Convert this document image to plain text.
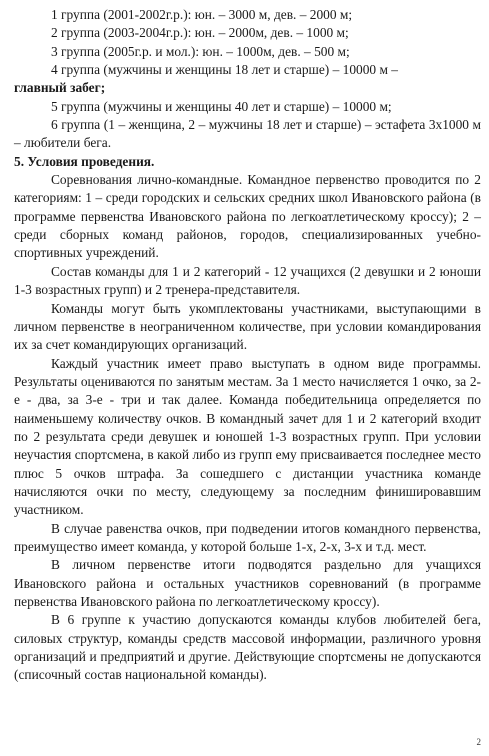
1 группа (2001-2002г.р.): юн. – 3000 м, дев. – 2000 м;

2 группа (2003-2004г.р.): юн. – 2000м, дев. – 1000 м;

3 группа (2005г.р. и мол.): юн. – 1000м, дев. – 500 м;

4 группа (мужчины и женщины 18 лет и старше) – 10000 м –

главный забег;

5 группа (мужчины и женщины 40 лет и старше) – 10000 м;

6 группа (1 – женщина, 2 – мужчины 18 лет и старше) – эстафета 3х1000 м – любители бега.

5. Условия проведения.

Соревнования лично-командные. Командное первенство проводится по 2 категориям: 1 – среди городских и сельских средних школ Ивановского района (в программе первенства Ивановского района по легкоатлетическому кроссу); 2 – среди сборных команд районов, городов, специализированных учебно-спортивных учреждений.

Состав команды для 1 и 2 категорий - 12 учащихся (2 девушки и 2 юноши 1-3 возрастных групп) и 2 тренера-представителя.

Команды могут быть укомплектованы участниками, выступающими в личном первенстве в неограниченном количестве, при условии командирования их за счет командирующих организаций.

Каждый участник имеет право выступать в одном виде программы. Результаты оцениваются по занятым местам. За 1 место начисляется 1 очко, за 2-е - два, за 3-е - три и так далее. Команда победительница определяется по наименьшему количеству очков. В командный зачет для 1 и 2 категорий входит по 2 результата среди девушек и юношей 1-3 возрастных групп. При условии неучастия спортсмена, в какой либо из групп ему присваивается последнее место плюс 5 очков штрафа. За сошедшего с дистанции участника команде начисляются очки по месту, следующему за последним финишировавшим участником.

В случае равенства очков, при подведении итогов командного первенства, преимущество имеет команда, у которой больше 1-х, 2-х, 3-х и т.д. мест.

В личном первенстве итоги подводятся раздельно для учащихся Ивановского района и остальных участников соревнований (в программе первенства Ивановского района по легкоатлетическому кроссу).

В 6 группе к участию допускаются команды клубов любителей бега, силовых структур, команды средств массовой информации, различного уровня организаций и предприятий и другие. Действующие спортсмены не допускаются (списочный состав национальной команды).

2
